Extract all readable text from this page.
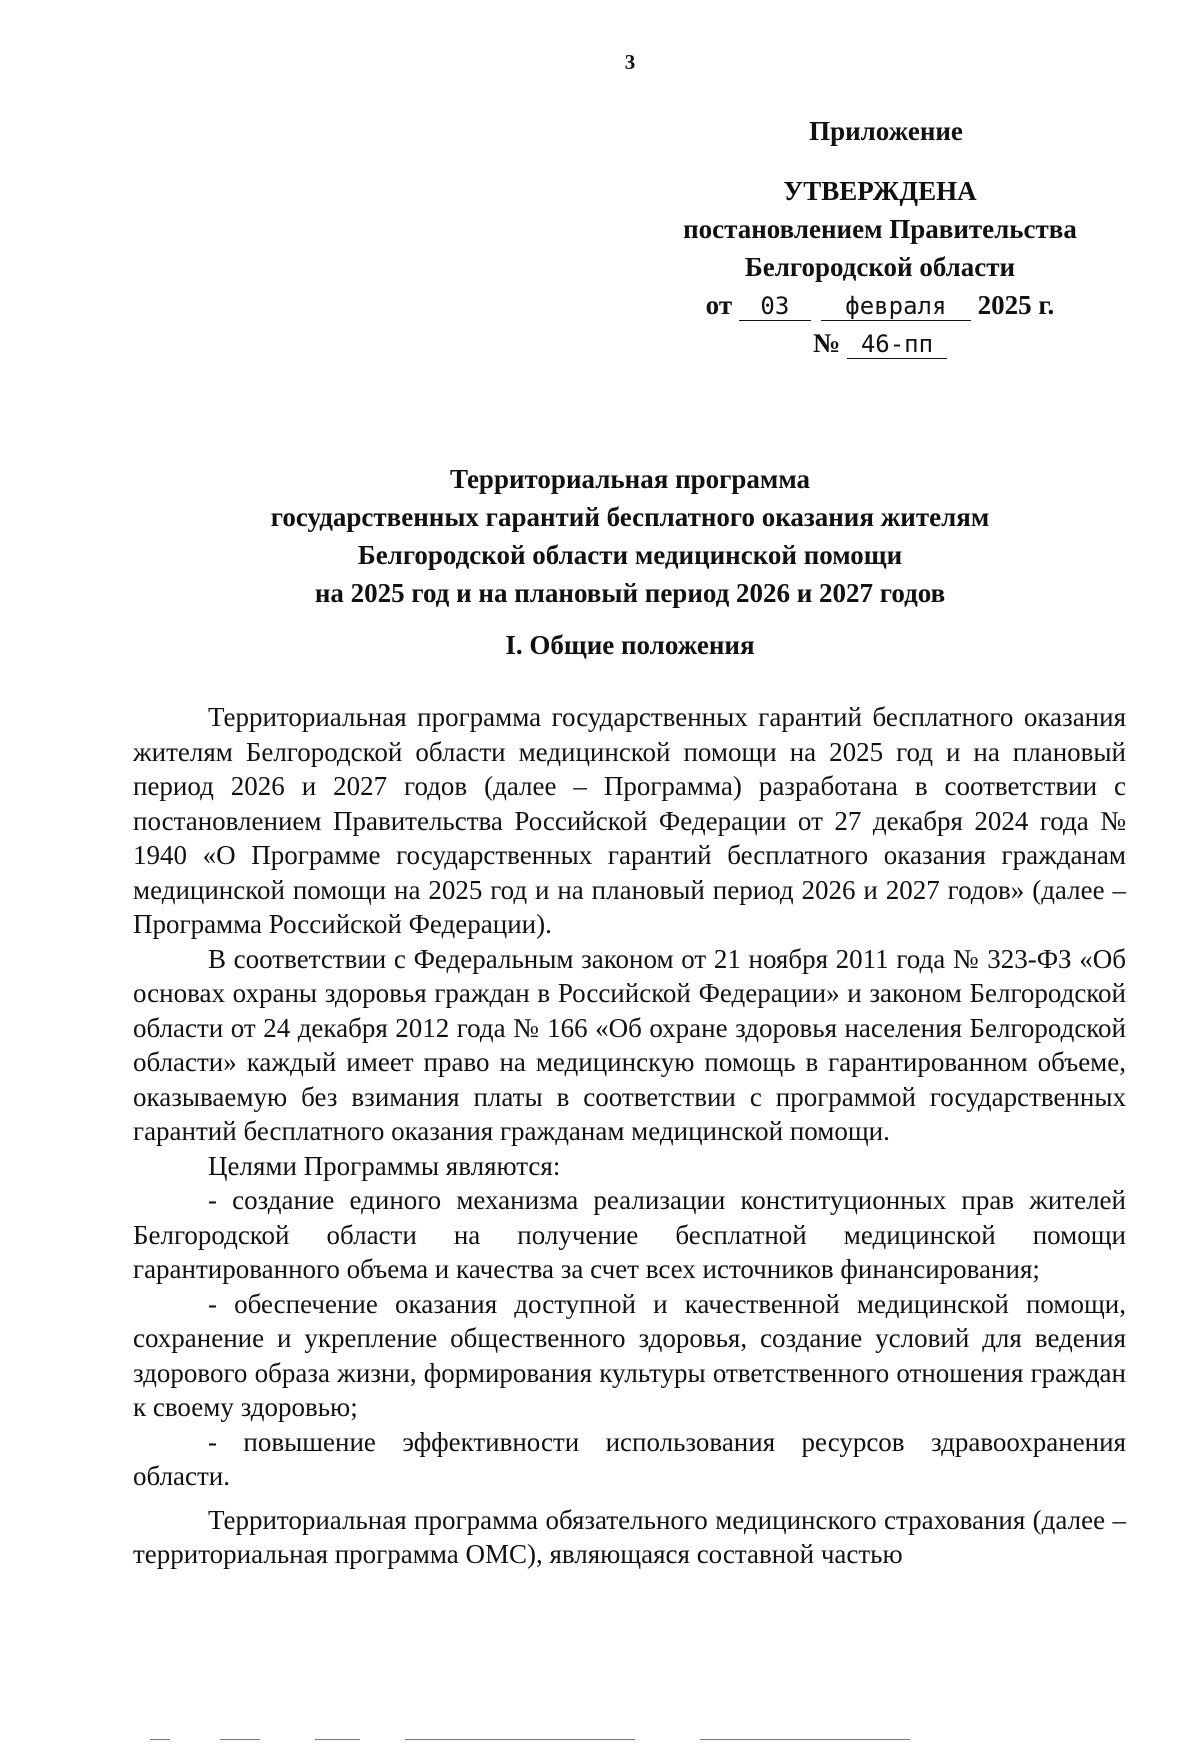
3
Приложение
УТВЕРЖДЕНА
постановлением Правительства
Белгородской области
от 03 февраля 2025 г.
№ 46-пп
Территориальная программа
государственных гарантий бесплатного оказания жителям
Белгородской области медицинской помощи
на 2025 год и на плановый период 2026 и 2027 годов
I. Общие положения

Территориальная программа государственных гарантий бесплатного оказания жителям Белгородской области медицинской помощи на 2025 год и на плановый период 2026 и 2027 годов (далее – Программа) разработана в соответствии с постановлением Правительства Российской Федерации от 27 декабря 2024 года № 1940 «О Программе государственных гарантий бесплатного оказания гражданам медицинской помощи на 2025 год и на плановый период 2026 и 2027 годов» (далее – Программа Российской Федерации).

В соответствии с Федеральным законом от 21 ноября 2011 года № 323-ФЗ «Об основах охраны здоровья граждан в Российской Федерации» и законом Белгородской области от 24 декабря 2012 года № 166 «Об охране здоровья населения Белгородской области» каждый имеет право на медицинскую помощь в гарантированном объеме, оказываемую без взимания платы в соответствии с программой государственных гарантий бесплатного оказания гражданам медицинской помощи.

Целями Программы являются:

- создание единого механизма реализации конституционных прав жителей Белгородской области на получение бесплатной медицинской помощи гарантированного объема и качества за счет всех источников финансирования;

- обеспечение оказания доступной и качественной медицинской помощи, сохранение и укрепление общественного здоровья, создание условий для ведения здорового образа жизни, формирования культуры ответственного отношения граждан к своему здоровью;

- повышение эффективности использования ресурсов здравоохранения области.

Территориальная программа обязательного медицинского страхования (далее – территориальная программа ОМС), являющаяся составной частью
